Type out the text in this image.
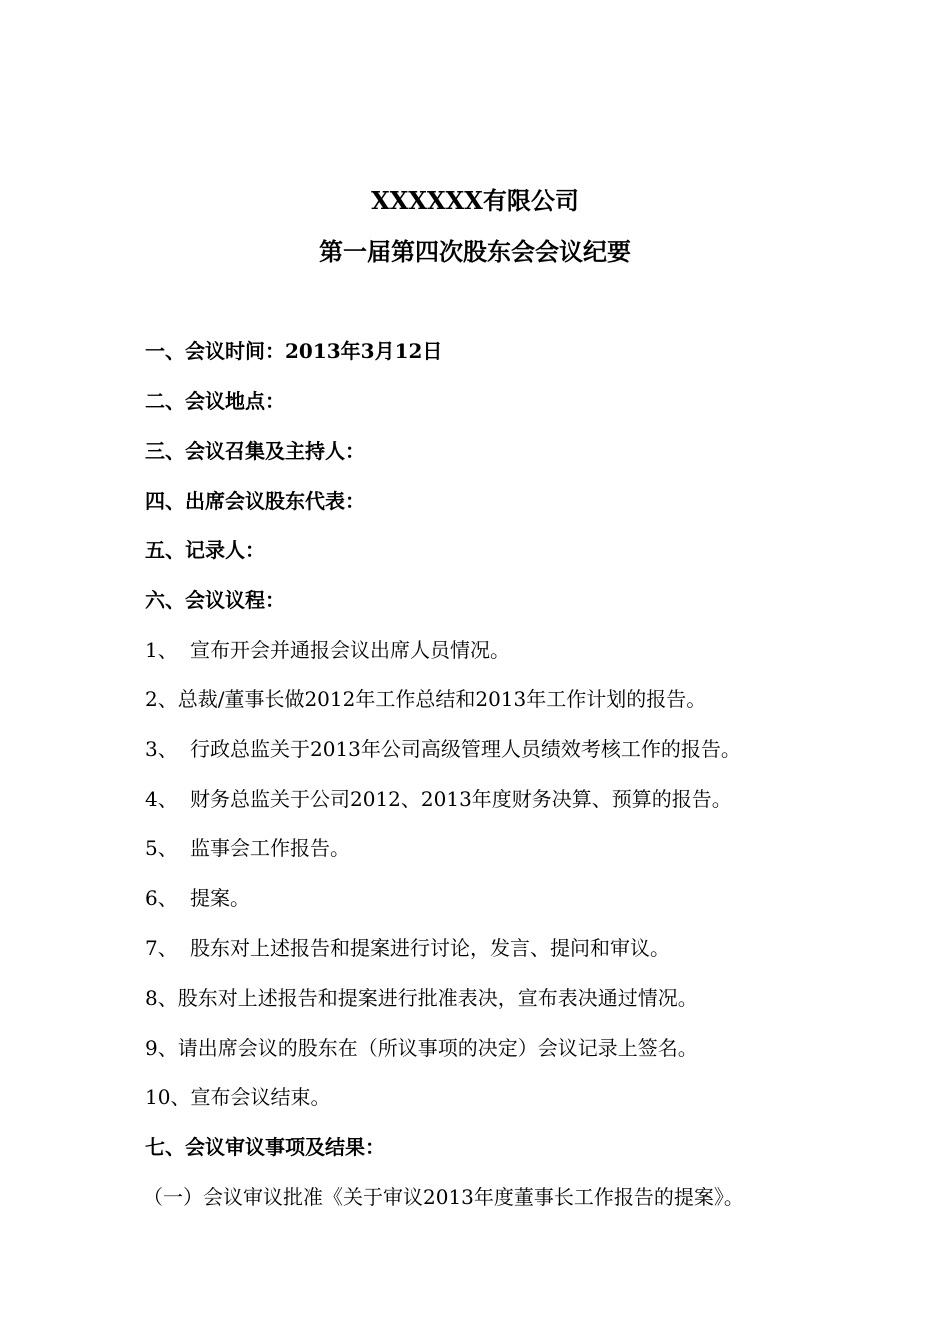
XXXXXX有限公司
第一届第四次股东会会议纪要
一、会议时间：2013年3月12日
二、会议地点：
三、会议召集及主持人：
四、出席会议股东代表：
五、记录人：
六、会议议程：
1、 宣布开会并通报会议出席人员情况。
2、总裁/董事长做2012年工作总结和2013年工作计划的报告。
3、 行政总监关于2013年公司高级管理人员绩效考核工作的报告。
4、 财务总监关于公司2012、2013年度财务决算、预算的报告。
5、 监事会工作报告。
6、 提案。
7、 股东对上述报告和提案进行讨论，发言、提问和审议。
8、股东对上述报告和提案进行批准表决，宣布表决通过情况。
9、请出席会议的股东在（所议事项的决定）会议记录上签名。
10、宣布会议结束。
七、会议审议事项及结果：
（一）会议审议批准《关于审议2013年度董事长工作报告的提案》。
